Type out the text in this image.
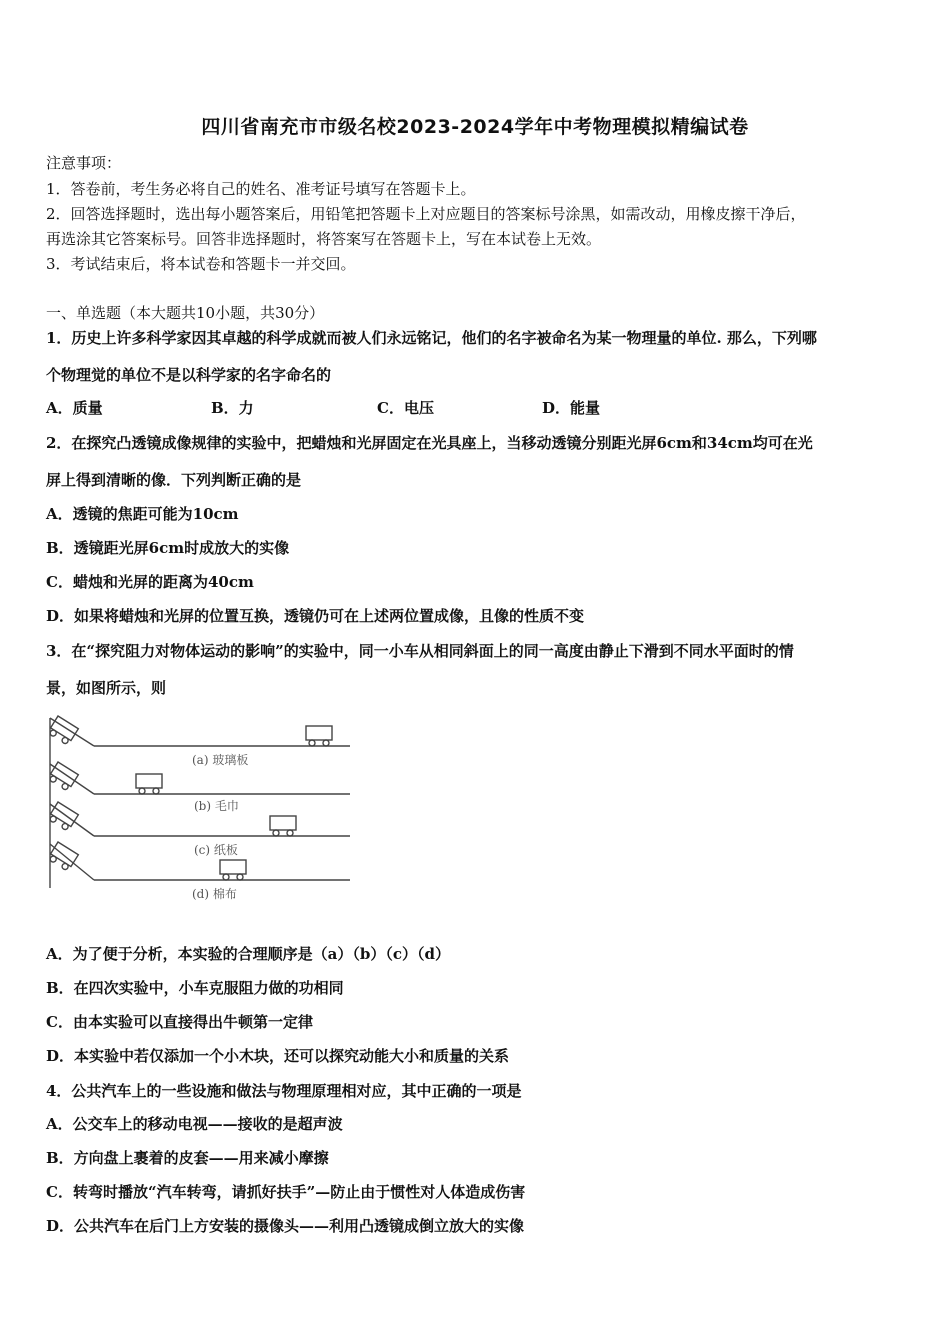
四川省南充市市级名校2023-2024学年中考物理模拟精编试卷
注意事项：
1．答卷前，考生务必将自己的姓名、准考证号填写在答题卡上。
2．回答选择题时，选出每小题答案后，用铅笔把答题卡上对应题目的答案标号涂黑，如需改动，用橡皮擦干净后，
再选涂其它答案标号。回答非选择题时，将答案写在答题卡上，写在本试卷上无效。
3．考试结束后，将本试卷和答题卡一并交回。
一、单选题（本大题共10小题，共30分）
1．历史上许多科学家因其卓越的科学成就而被人们永远铭记，他们的名字被命名为某一物理量的单位. 那么，下列哪
个物理觉的单位不是以科学家的名字命名的
A．质量	B．力	C．电压	D．能量
2．在探究凸透镜成像规律的实验中，把蜡烛和光屏固定在光具座上，当移动透镜分别距光屏6cm和34cm均可在光
屏上得到清晰的像．下列判断正确的是
A．透镜的焦距可能为10cm
B．透镜距光屏6cm时成放大的实像
C．蜡烛和光屏的距离为40cm
D．如果将蜡烛和光屏的位置互换，透镜仍可在上述两位置成像，且像的性质不变
3．在“探究阻力对物体运动的影响”的实验中，同一小车从相同斜面上的同一高度由静止下滑到不同水平面时的情
景，如图所示，则
(a) 玻璃板
(b) 毛巾
(c) 纸板
(d) 棉布
A．为了便于分析，本实验的合理顺序是（a）（b）（c）（d）
B．在四次实验中，小车克服阻力做的功相同
C．由本实验可以直接得出牛顿第一定律
D．本实验中若仅添加一个小木块，还可以探究动能大小和质量的关系
4．公共汽车上的一些设施和做法与物理原理相对应，其中正确的一项是
A．公交车上的移动电视——接收的是超声波
B．方向盘上裹着的皮套——用来减小摩擦
C．转弯时播放“汽车转弯，请抓好扶手”—防止由于惯性对人体造成伤害
D．公共汽车在后门上方安装的摄像头——利用凸透镜成倒立放大的实像
